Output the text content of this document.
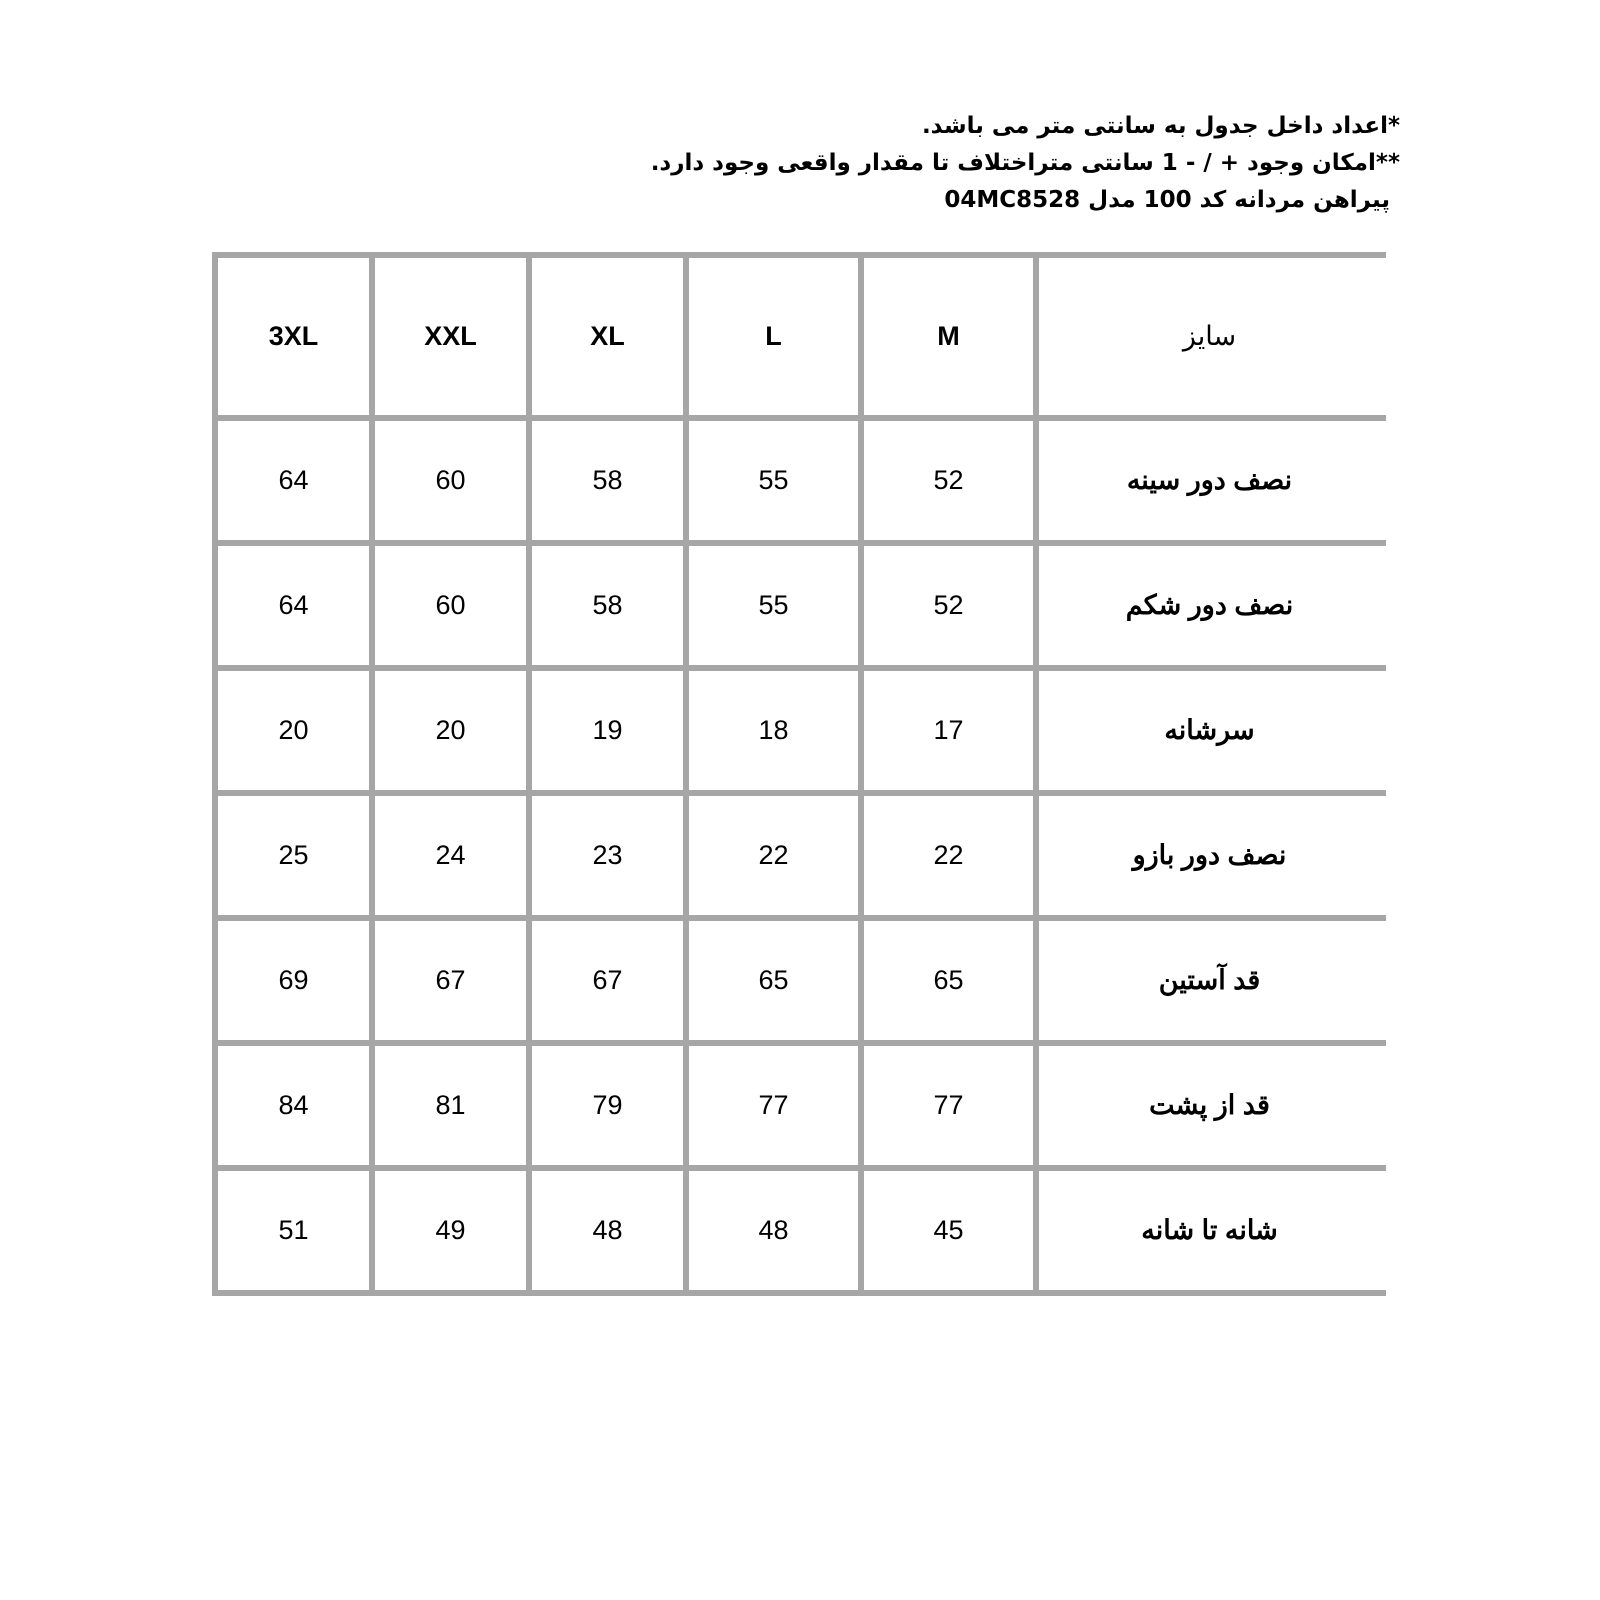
*اعداد داخل جدول به سانتی متر می باشد.
**امکان وجود + / - 1 سانتی متراختلاف تا مقدار واقعی وجود دارد.
پیراهن مردانه کد 100 مدل 04MC8528
3XL	XXL	XL	L	M	سایز
64	60	58	55	52	نصف دور سینه
64	60	58	55	52	نصف دور شکم
20	20	19	18	17	سرشانه
25	24	23	22	22	نصف دور بازو
69	67	67	65	65	قد آستین
84	81	79	77	77	قد از پشت
51	49	48	48	45	شانه تا شانه
